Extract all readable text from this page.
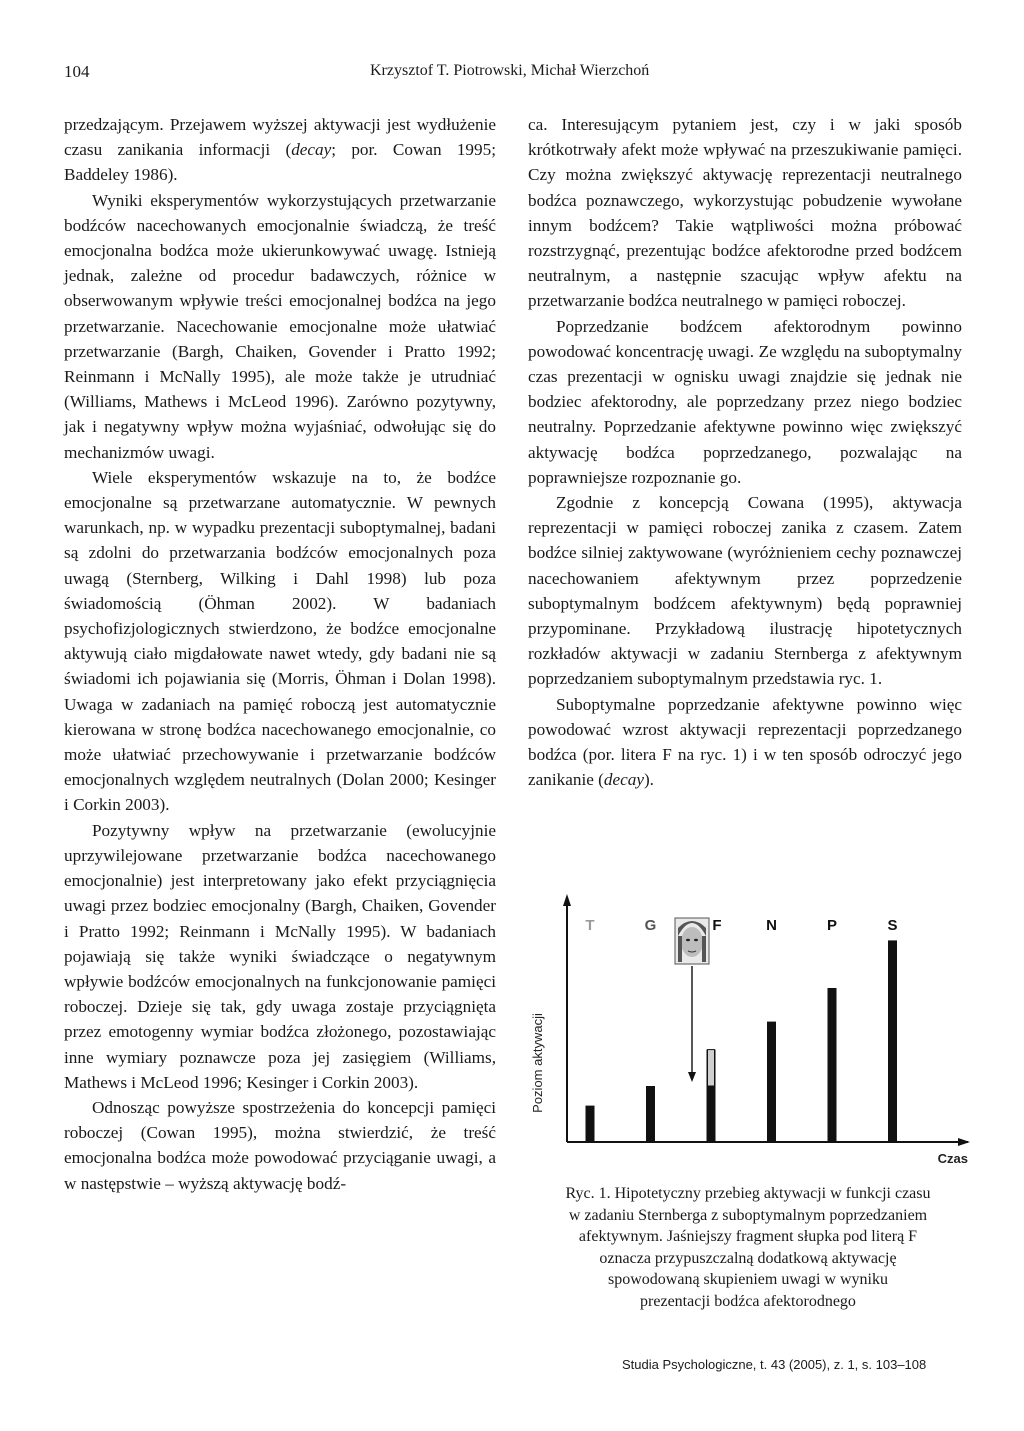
104	Krzysztof T. Piotrowski, Michał Wierzchoń

przedzającym. Przejawem wyższej aktywacji jest wydłużenie czasu zanikania informacji (decay; por. Cowan 1995; Baddeley 1986).

Wyniki eksperymentów wykorzystujących przetwarzanie bodźców nacechowanych emocjonalnie świadczą, że treść emocjonalna bodźca może ukierunkowywać uwagę. Istnieją jednak, zależne od procedur badawczych, różnice w obserwowanym wpływie treści emocjonalnej bodźca na jego przetwarzanie. Nacechowanie emocjonalne może ułatwiać przetwarzanie (Bargh, Chaiken, Govender i Pratto 1992; Reinmann i McNally 1995), ale może także je utrudniać (Williams, Mathews i McLeod 1996). Zarówno pozytywny, jak i negatywny wpływ można wyjaśniać, odwołując się do mechanizmów uwagi.

Wiele eksperymentów wskazuje na to, że bodźce emocjonalne są przetwarzane automatycznie. W pewnych warunkach, np. w wypadku prezentacji suboptymalnej, badani są zdolni do przetwarzania bodźców emocjonalnych poza uwagą (Sternberg, Wilking i Dahl 1998) lub poza świadomością (Öhman 2002). W badaniach psychofizjologicznych stwierdzono, że bodźce emocjonalne aktywują ciało migdałowate nawet wtedy, gdy badani nie są świadomi ich pojawiania się (Morris, Öhman i Dolan 1998). Uwaga w zadaniach na pamięć roboczą jest automatycznie kierowana w stronę bodźca nacechowanego emocjonalnie, co może ułatwiać przechowywanie i przetwarzanie bodźców emocjonalnych względem neutralnych (Dolan 2000; Kesinger i Corkin 2003).

Pozytywny wpływ na przetwarzanie (ewolucyjnie uprzywilejowane przetwarzanie bodźca nacechowanego emocjonalnie) jest interpretowany jako efekt przyciągnięcia uwagi przez bodziec emocjonalny (Bargh, Chaiken, Govender i Pratto 1992; Reinmann i McNally 1995). W badaniach pojawiają się także wyniki świadczące o negatywnym wpływie bodźców emocjonalnych na funkcjonowanie pamięci roboczej. Dzieje się tak, gdy uwaga zostaje przyciągnięta przez emotogenny wymiar bodźca złożonego, pozostawiając inne wymiary poznawcze poza jej zasięgiem (Williams, Mathews i McLeod 1996; Kesinger i Corkin 2003).

Odnosząc powyższe spostrzeżenia do koncepcji pamięci roboczej (Cowan 1995), można stwierdzić, że treść emocjonalna bodźca może powodować przyciąganie uwagi, a w następstwie – wyższą aktywację bodź-

ca. Interesującym pytaniem jest, czy i w jaki sposób krótkotrwały afekt może wpływać na przeszukiwanie pamięci. Czy można zwiększyć aktywację reprezentacji neutralnego bodźca poznawczego, wykorzystując pobudzenie wywołane innym bodźcem? Takie wątpliwości można próbować rozstrzygnąć, prezentując bodźce afektorodne przed bodźcem neutralnym, a następnie szacując wpływ afektu na przetwarzanie bodźca neutralnego w pamięci roboczej.

Poprzedzanie bodźcem afektorodnym powinno powodować koncentrację uwagi. Ze względu na suboptymalny czas prezentacji w ognisku uwagi znajdzie się jednak nie bodziec afektorodny, ale poprzedzany przez niego bodziec neutralny. Poprzedzanie afektywne powinno więc zwiększyć aktywację bodźca poprzedzanego, pozwalając na poprawniejsze rozpoznanie go.

Zgodnie z koncepcją Cowana (1995), aktywacja reprezentacji w pamięci roboczej zanika z czasem. Zatem bodźce silniej zaktywowane (wyróżnieniem cechy poznawczej nacechowaniem afektywnym przez poprzedzenie suboptymalnym bodźcem afektywnym) będą poprawniej przypominane. Przykładową ilustrację hipotetycznych rozkładów aktywacji w zadaniu Sternberga z afektywnym poprzedzaniem suboptymalnym przedstawia ryc. 1.

Suboptymalne poprzedzanie afektywne powinno więc powodować wzrost aktywacji reprezentacji poprzedzanego bodźca (por. litera F na ryc. 1) i w ten sposób odroczyć jego zanikanie (decay).

Poziom aktywacji
Czas
T	G	F	N	P	S
Ryc. 1. Hipotetyczny przebieg aktywacji w funkcji czasu
w zadaniu Sternberga z suboptymalnym poprzedzaniem
afektywnym. Jaśniejszy fragment słupka pod literą F
oznacza przypuszczalną dodatkową aktywację
spowodowaną skupieniem uwagi w wyniku
prezentacji bodźca afektorodnego
Studia Psychologiczne, t. 43 (2005), z. 1, s. 103–108
